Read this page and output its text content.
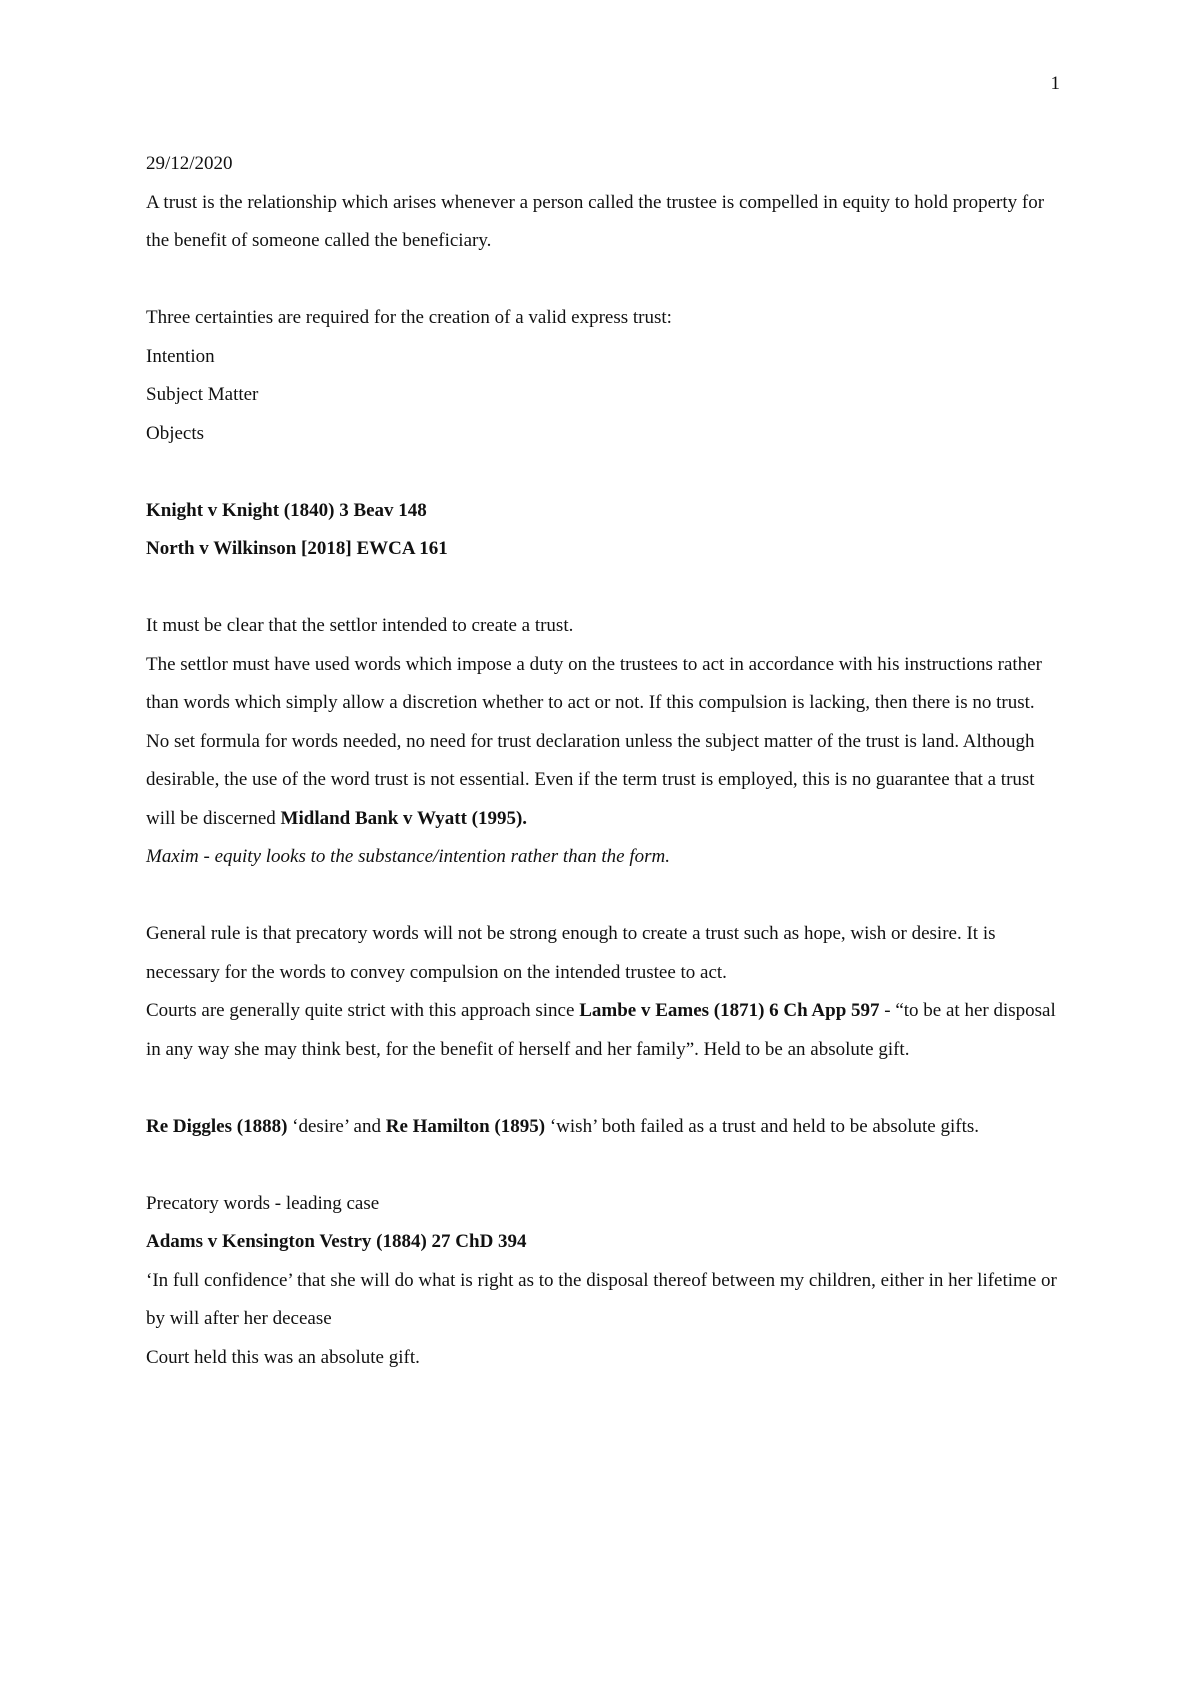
1

29/12/2020

A trust is the relationship which arises whenever a person called the trustee is compelled in equity to hold property for the benefit of someone called the beneficiary.

Three certainties are required for the creation of a valid express trust:

Intention

Subject Matter

Objects

Knight v Knight (1840) 3 Beav 148

North v Wilkinson [2018] EWCA 161

It must be clear that the settlor intended to create a trust.

The settlor must have used words which impose a duty on the trustees to act in accordance with his instructions rather than words which simply allow a discretion whether to act or not. If this compulsion is lacking, then there is no trust.

No set formula for words needed, no need for trust declaration unless the subject matter of the trust is land. Although desirable, the use of the word trust is not essential. Even if the term trust is employed, this is no guarantee that a trust will be discerned Midland Bank v Wyatt (1995).

Maxim - equity looks to the substance/intention rather than the form.

General rule is that precatory words will not be strong enough to create a trust such as hope, wish or desire. It is necessary for the words to convey compulsion on the intended trustee to act.

Courts are generally quite strict with this approach since Lambe v Eames (1871) 6 Ch App 597 - “to be at her disposal in any way she may think best, for the benefit of herself and her family”. Held to be an absolute gift.

Re Diggles (1888) ‘desire’ and Re Hamilton (1895) ‘wish’ both failed as a trust and held to be absolute gifts.

Precatory words - leading case

Adams v Kensington Vestry (1884) 27 ChD 394

‘In full confidence’ that she will do what is right as to the disposal thereof between my children, either in her lifetime or by will after her decease

Court held this was an absolute gift.
